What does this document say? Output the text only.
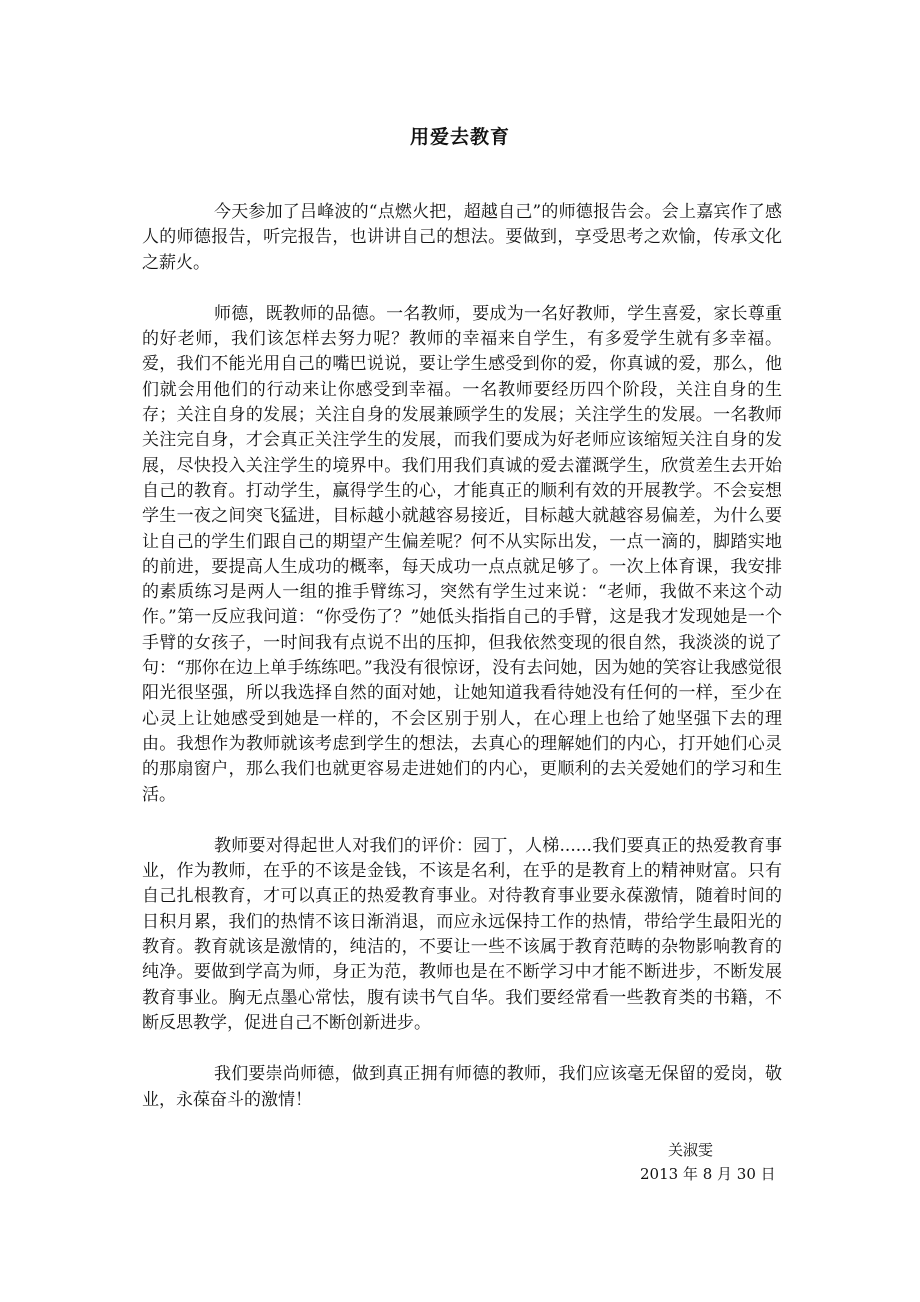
用爱去教育

今天参加了吕峰波的“点燃火把，超越自己”的师德报告会。会上嘉宾作了感人的师德报告，听完报告，也讲讲自己的想法。要做到，享受思考之欢愉，传承文化之薪火。

师德，既教师的品德。一名教师，要成为一名好教师，学生喜爱，家长尊重的好老师，我们该怎样去努力呢？教师的幸福来自学生，有多爱学生就有多幸福。爱，我们不能光用自己的嘴巴说说，要让学生感受到你的爱，你真诚的爱，那么，他们就会用他们的行动来让你感受到幸福。一名教师要经历四个阶段，关注自身的生存；关注自身的发展；关注自身的发展兼顾学生的发展；关注学生的发展。一名教师关注完自身，才会真正关注学生的发展，而我们要成为好老师应该缩短关注自身的发展，尽快投入关注学生的境界中。我们用我们真诚的爱去灌溉学生，欣赏差生去开始自己的教育。打动学生，赢得学生的心，才能真正的顺利有效的开展教学。不会妄想学生一夜之间突飞猛进，目标越小就越容易接近，目标越大就越容易偏差，为什么要让自己的学生们跟自己的期望产生偏差呢？何不从实际出发，一点一滴的，脚踏实地的前进，要提高人生成功的概率，每天成功一点点就足够了。一次上体育课，我安排的素质练习是两人一组的推手臂练习，突然有学生过来说：“老师，我做不来这个动作。”第一反应我问道：“你受伤了？”她低头指指自己的手臂，这是我才发现她是一个手臂的女孩子，一时间我有点说不出的压抑，但我依然变现的很自然，我淡淡的说了句：“那你在边上单手练练吧。”我没有很惊讶，没有去问她，因为她的笑容让我感觉很阳光很坚强，所以我选择自然的面对她，让她知道我看待她没有任何的一样，至少在心灵上让她感受到她是一样的，不会区别于别人，在心理上也给了她坚强下去的理由。我想作为教师就该考虑到学生的想法，去真心的理解她们的内心，打开她们心灵的那扇窗户，那么我们也就更容易走进她们的内心，更顺利的去关爱她们的学习和生活。

教师要对得起世人对我们的评价：园丁，人梯......我们要真正的热爱教育事业，作为教师，在乎的不该是金钱，不该是名利，在乎的是教育上的精神财富。只有自己扎根教育，才可以真正的热爱教育事业。对待教育事业要永葆激情，随着时间的日积月累，我们的热情不该日渐消退，而应永远保持工作的热情，带给学生最阳光的教育。教育就该是激情的，纯洁的，不要让一些不该属于教育范畴的杂物影响教育的纯净。要做到学高为师，身正为范，教师也是在不断学习中才能不断进步，不断发展教育事业。胸无点墨心常怯，腹有读书气自华。我们要经常看一些教育类的书籍，不断反思教学，促进自己不断创新进步。

我们要崇尚师德，做到真正拥有师德的教师，我们应该毫无保留的爱岗，敬业，永葆奋斗的激情！

关淑雯
2013 年 8 月 30 日
